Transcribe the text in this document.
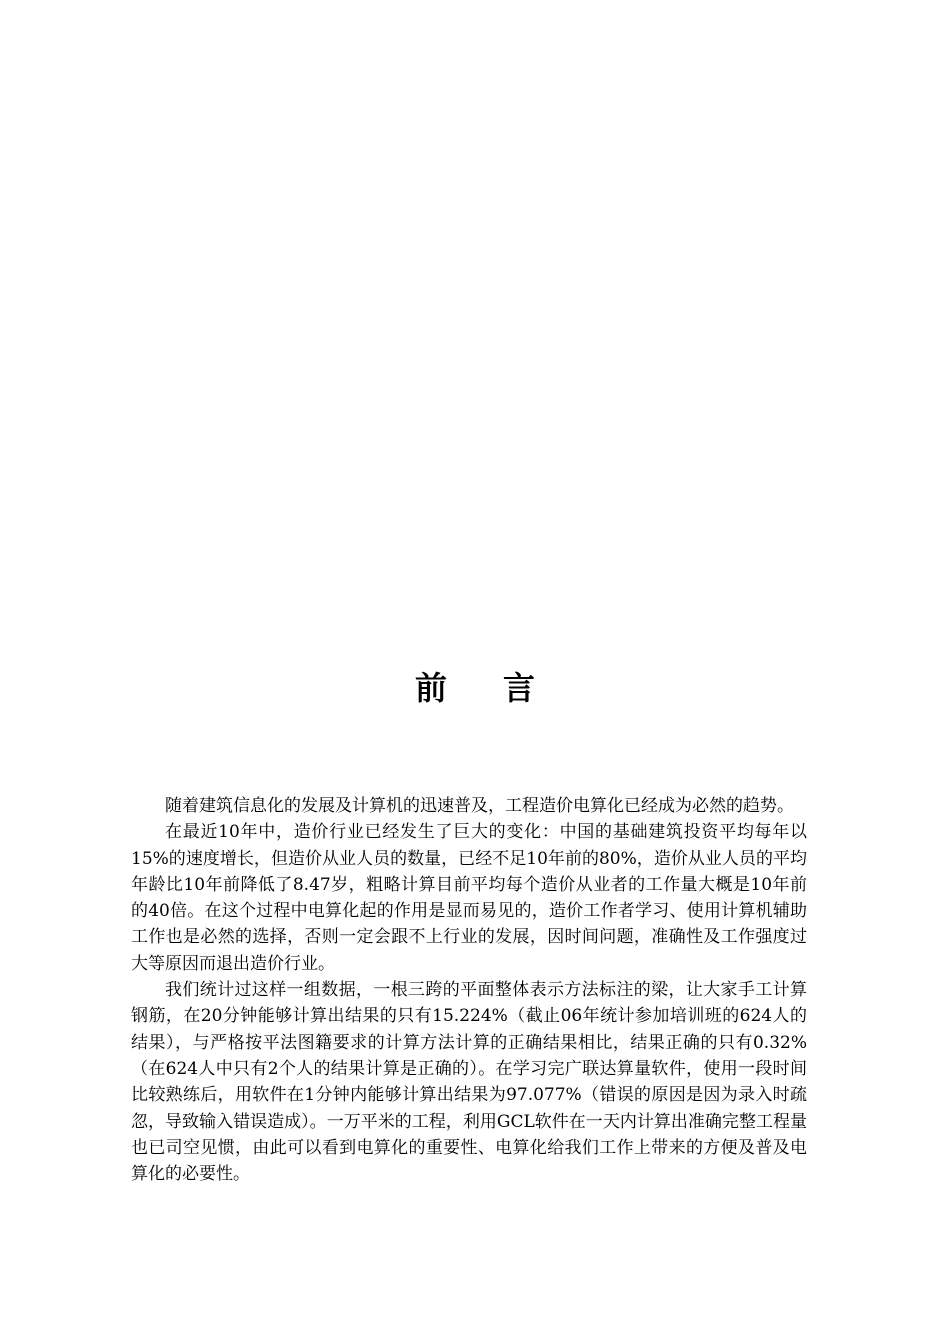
前 言

随着建筑信息化的发展及计算机的迅速普及，工程造价电算化已经成为必然的趋势。

在最近10年中，造价行业已经发生了巨大的变化：中国的基础建筑投资平均每年以15%的速度增长，但造价从业人员的数量，已经不足10年前的80%，造价从业人员的平均年龄比10年前降低了8.47岁，粗略计算目前平均每个造价从业者的工作量大概是10年前的40倍。在这个过程中电算化起的作用是显而易见的，造价工作者学习、使用计算机辅助工作也是必然的选择，否则一定会跟不上行业的发展，因时间问题，准确性及工作强度过大等原因而退出造价行业。

我们统计过这样一组数据，一根三跨的平面整体表示方法标注的梁，让大家手工计算钢筋，在20分钟能够计算出结果的只有15.224%（截止06年统计参加培训班的624人的结果），与严格按平法图籍要求的计算方法计算的正确结果相比，结果正确的只有0.32%（在624人中只有2个人的结果计算是正确的）。在学习完广联达算量软件，使用一段时间比较熟练后，用软件在1分钟内能够计算出结果为97.077%（错误的原因是因为录入时疏忽，导致输入错误造成）。一万平米的工程，利用GCL软件在一天内计算出准确完整工程量也已司空见惯，由此可以看到电算化的重要性、电算化给我们工作上带来的方便及普及电算化的必要性。
